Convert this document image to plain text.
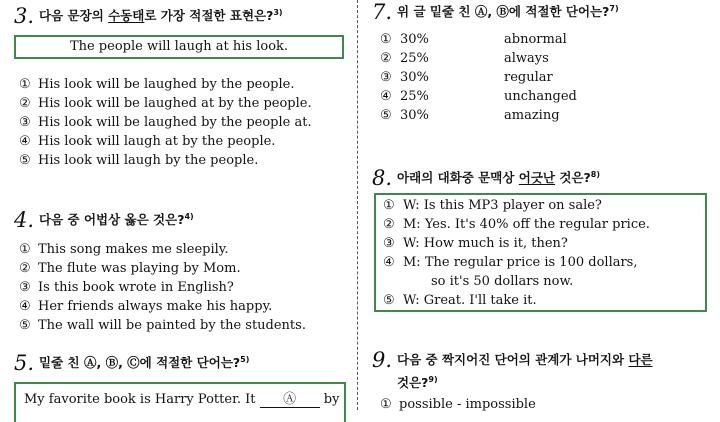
3. 다음 문장의 수동태로 가장 적절한 표현은?$^{3)}$
The people will laugh at his look.
① His look will be laughed by the people.
② His look will be laughed at by the people.
③ His look will be laughed by the people at.
④ His look will laugh at by the people.
⑤ His look will laugh by the people.
4. 다음 중 어법상 옳은 것은?$^{4)}$
① This song makes me sleepily.
② The flute was playing by Mom.
③ Is this book wrote in English?
④ Her friends always make his happy.
⑤ The wall will be painted by the students.
5. 밑줄 친 Ⓐ, Ⓑ, Ⓒ에 적절한 단어는?$^{5)}$
My favorite book is Harry Potter. It Ⓐ by
7. 위 글 밑줄 친 Ⓐ, Ⓑ에 적절한 단어는?$^{7)}$
① 30%	abnormal
② 25%	always
③ 30%	regular
④ 25%	unchanged
⑤ 30%	amazing
8. 아래의 대화중 문맥상 어긋난 것은?$^{8)}$
① W: Is this MP3 player on sale?
② M: Yes. It's 40% off the regular price.
③ W: How much is it, then?
④ M: The regular price is 100 dollars,
so it's 50 dollars now.
⑤ W: Great. I'll take it.
9. 다음 중 짝지어진 단어의 관계가 나머지와 다른
것은?$^{9)}$
① possible - impossible
